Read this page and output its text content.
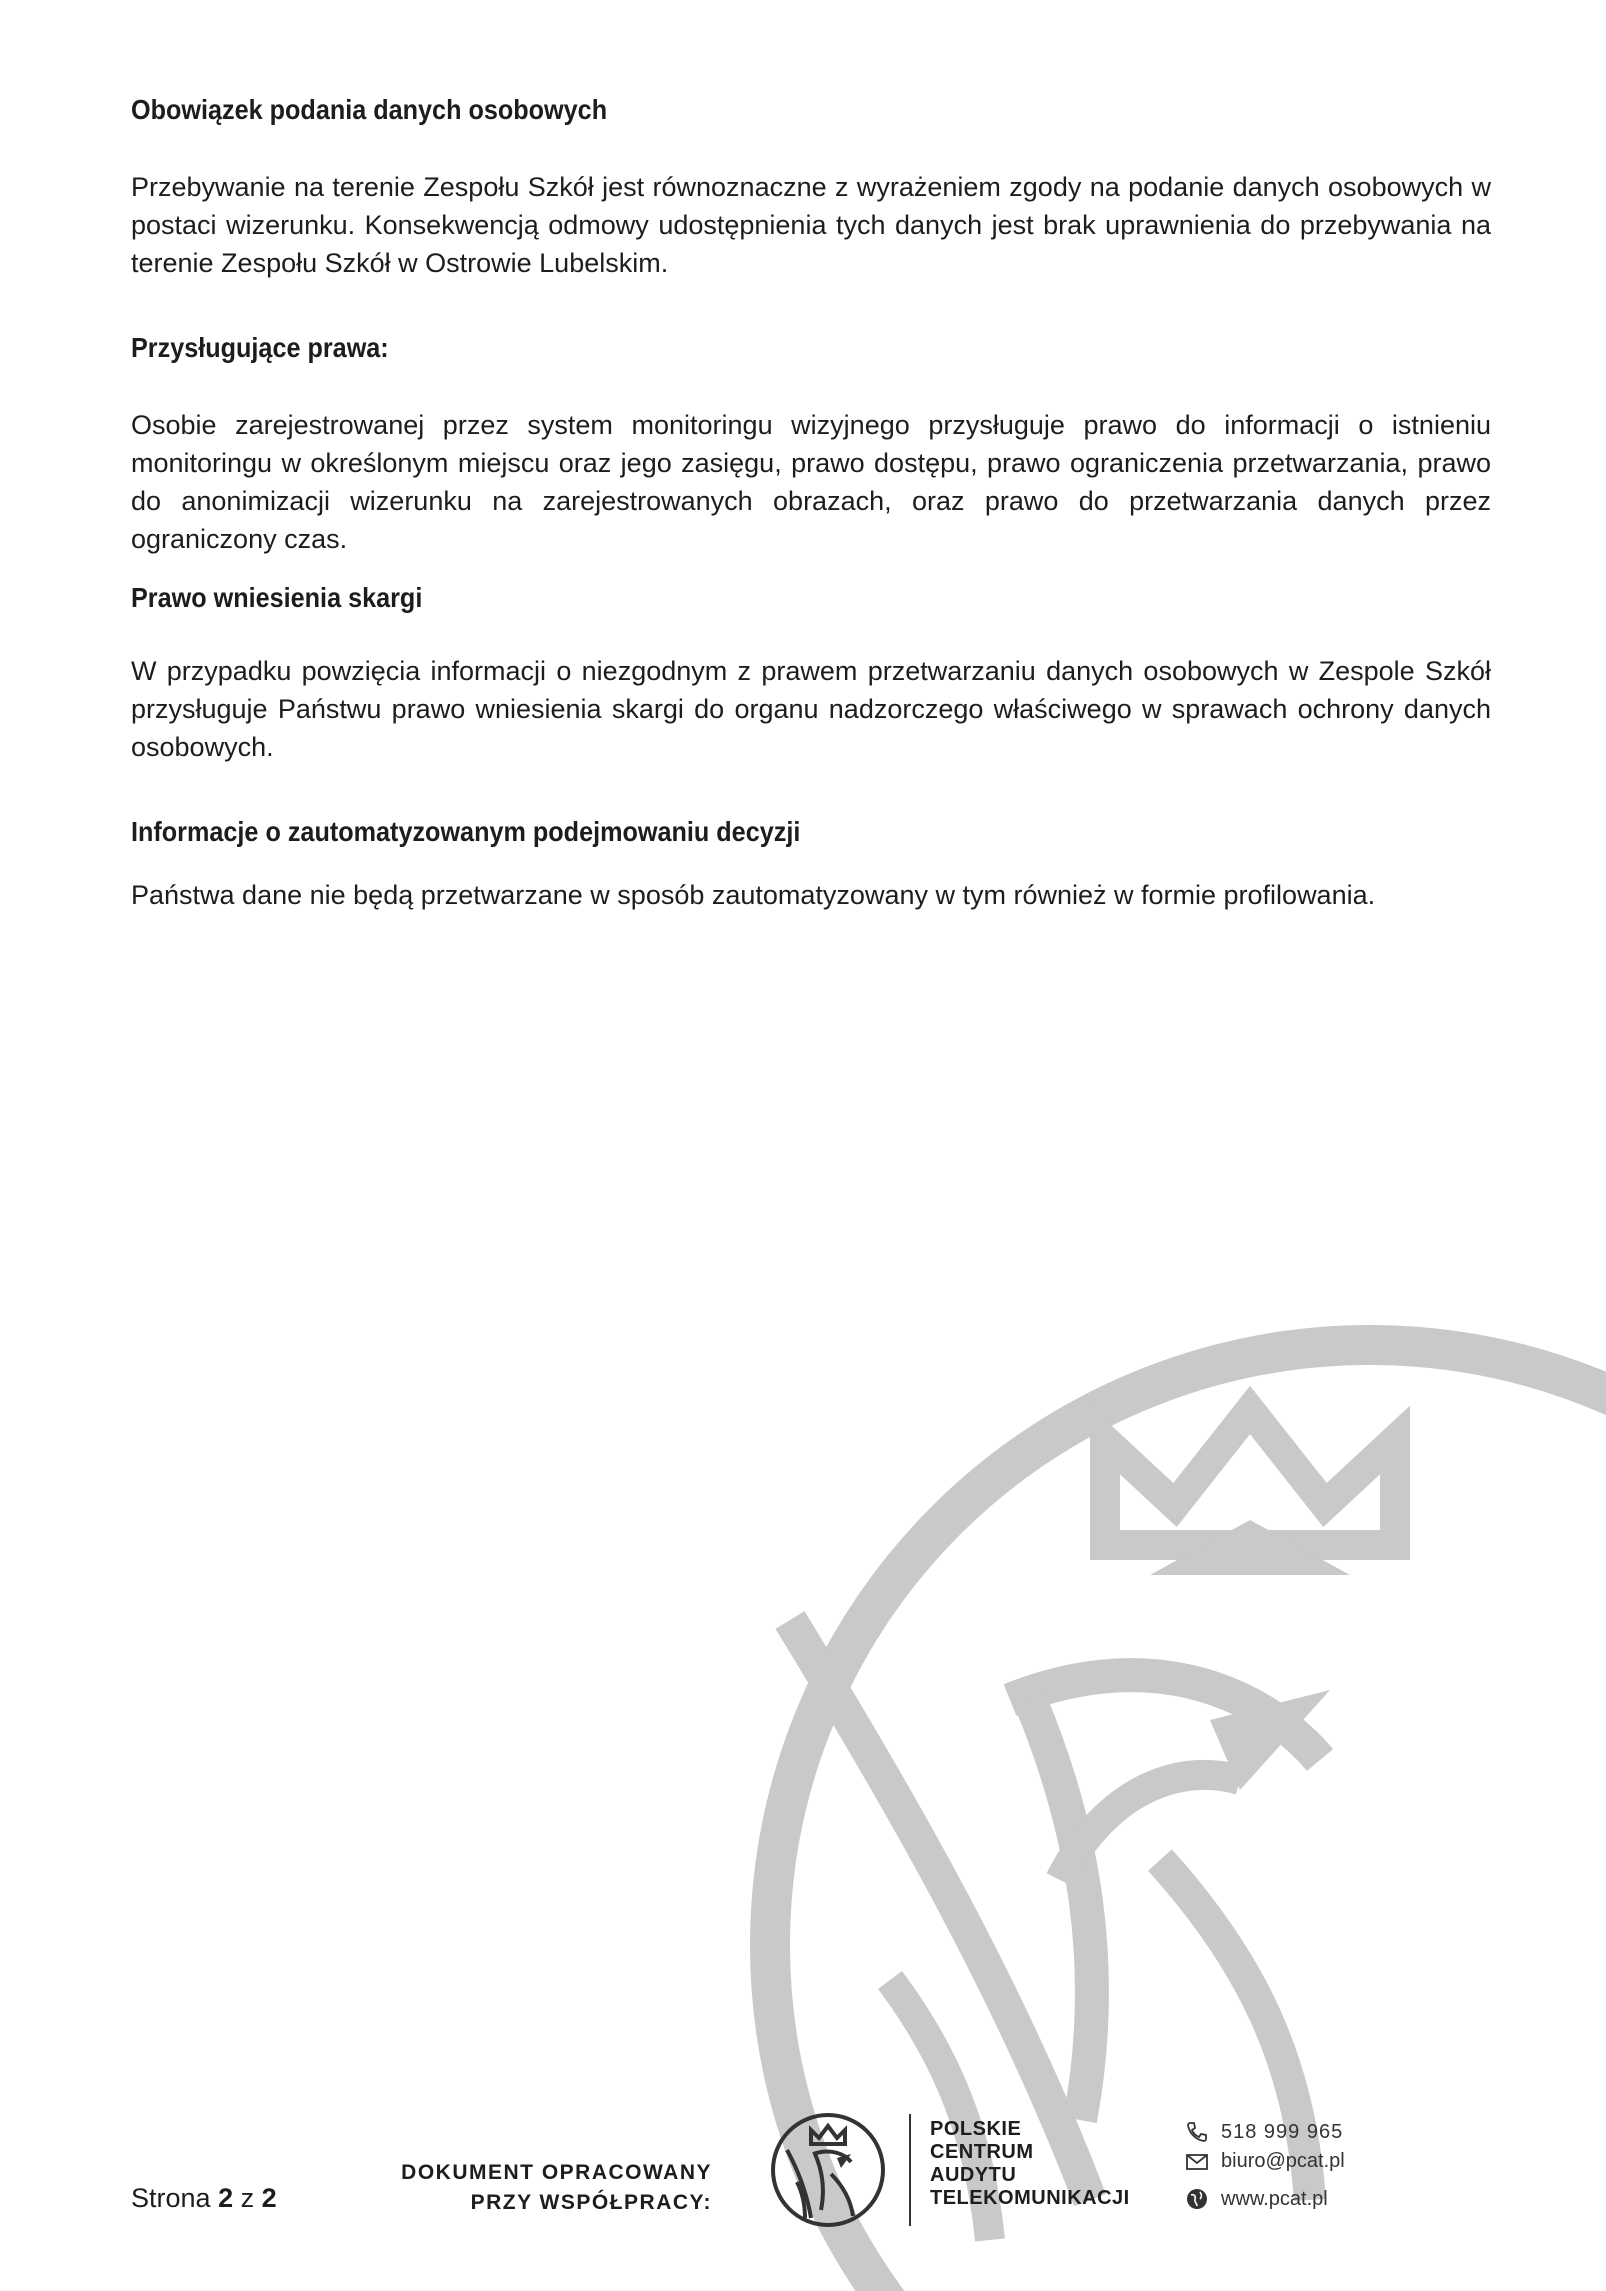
Obowiązek podania danych osobowych

Przebywanie na terenie Zespołu Szkół jest równoznaczne z wyrażeniem zgody na podanie danych osobowych w postaci wizerunku. Konsekwencją odmowy udostępnienia tych danych jest brak uprawnienia do przebywania na terenie Zespołu Szkół w Ostrowie Lubelskim.

Przysługujące prawa:

Osobie zarejestrowanej przez system monitoringu wizyjnego przysługuje prawo do informacji o istnieniu monitoringu w określonym miejscu oraz jego zasięgu, prawo dostępu, prawo ograniczenia przetwarzania, prawo do anonimizacji wizerunku na zarejestrowanych obrazach, oraz prawo do przetwarzania danych przez ograniczony czas.

Prawo wniesienia skargi

W przypadku powzięcia informacji o niezgodnym z prawem przetwarzaniu danych osobowych w Zespole Szkół przysługuje Państwu prawo wniesienia skargi do organu nadzorczego właściwego w sprawach ochrony danych osobowych.

Informacje o zautomatyzowanym podejmowaniu decyzji

Państwa dane nie będą przetwarzane w sposób zautomatyzowany w tym również w formie profilowania.

Strona 2 z 2
DOKUMENT OPRACOWANY
PRZY WSPÓŁPRACY:
POLSKIE
CENTRUM
AUDYTU
TELEKOMUNIKACJI
518 999 965
biuro@pcat.pl
www.pcat.pl
